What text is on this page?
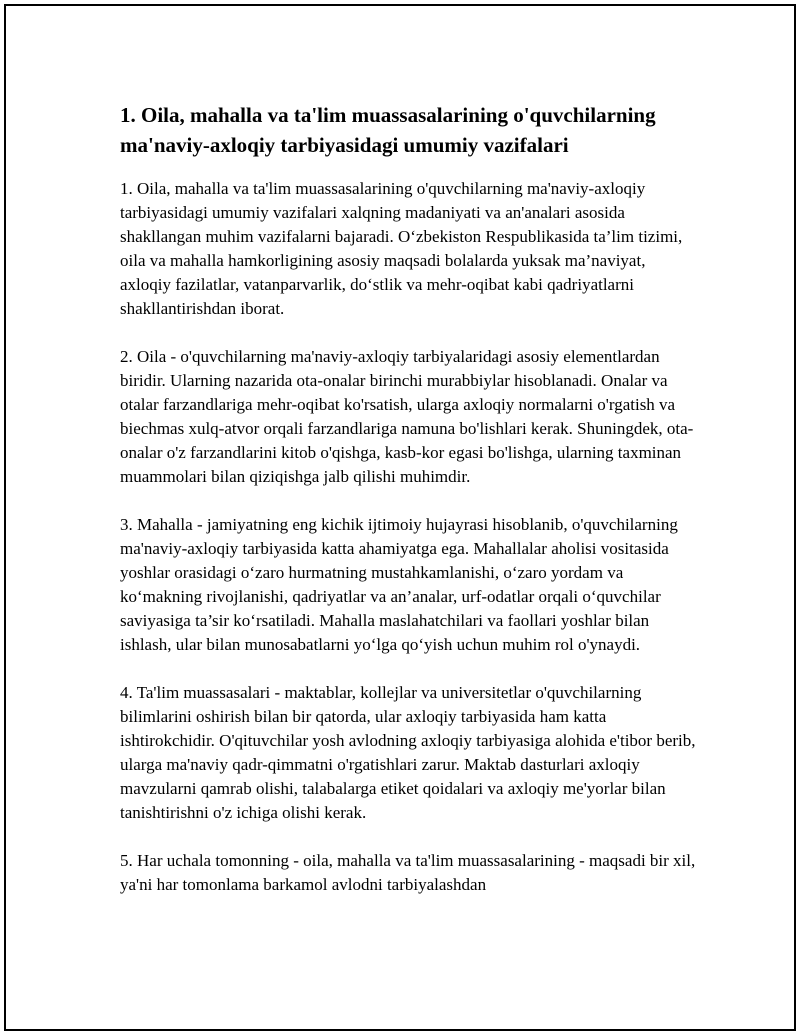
1. Oila, mahalla va ta'lim muassasalarining o'quvchilarning ma'naviy-axloqiy tarbiyasidagi umumiy vazifalari

1. Oila, mahalla va ta'lim muassasalarining o'quvchilarning ma'naviy-axloqiy tarbiyasidagi umumiy vazifalari xalqning madaniyati va an'analari asosida shakllangan muhim vazifalarni bajaradi. O‘zbekiston Respublikasida ta’lim tizimi, oila va mahalla hamkorligining asosiy maqsadi bolalarda yuksak ma’naviyat, axloqiy fazilatlar, vatanparvarlik, do‘stlik va mehr-oqibat kabi qadriyatlarni shakllantirishdan iborat.

2. Oila - o'quvchilarning ma'naviy-axloqiy tarbiyalaridagi asosiy elementlardan biridir. Ularning nazarida ota-onalar birinchi murabbiylar hisoblanadi. Onalar va otalar farzandlariga mehr-oqibat ko'rsatish, ularga axloqiy normalarni o'rgatish va biechmas xulq-atvor orqali farzandlariga namuna bo'lishlari kerak. Shuningdek, ota-onalar o'z farzandlarini kitob o'qishga, kasb-kor egasi bo'lishga, ularning taxminan muammolari bilan qiziqishga jalb qilishi muhimdir.

3. Mahalla - jamiyatning eng kichik ijtimoiy hujayrasi hisoblanib, o'quvchilarning ma'naviy-axloqiy tarbiyasida katta ahamiyatga ega. Mahallalar aholisi vositasida yoshlar orasidagi o‘zaro hurmatning mustahkamlanishi, o‘zaro yordam va ko‘makning rivojlanishi, qadriyatlar va an’analar, urf-odatlar orqali o‘quvchilar saviyasiga ta’sir ko‘rsatiladi. Mahalla maslahatchilari va faollari yoshlar bilan ishlash, ular bilan munosabatlarni yo‘lga qo‘yish uchun muhim rol o'ynaydi.

4. Ta'lim muassasalari - maktablar, kollejlar va universitetlar o'quvchilarning bilimlarini oshirish bilan bir qatorda, ular axloqiy tarbiyasida ham katta ishtirokchidir. O'qituvchilar yosh avlodning axloqiy tarbiyasiga alohida e'tibor berib, ularga ma'naviy qadr-qimmatni o'rgatishlari zarur. Maktab dasturlari axloqiy mavzularni qamrab olishi, talabalarga etiket qoidalari va axloqiy me'yorlar bilan tanishtirishni o'z ichiga olishi kerak.

5. Har uchala tomonning - oila, mahalla va ta'lim muassasalarining - maqsadi bir xil, ya'ni har tomonlama barkamol avlodni tarbiyalashdan
